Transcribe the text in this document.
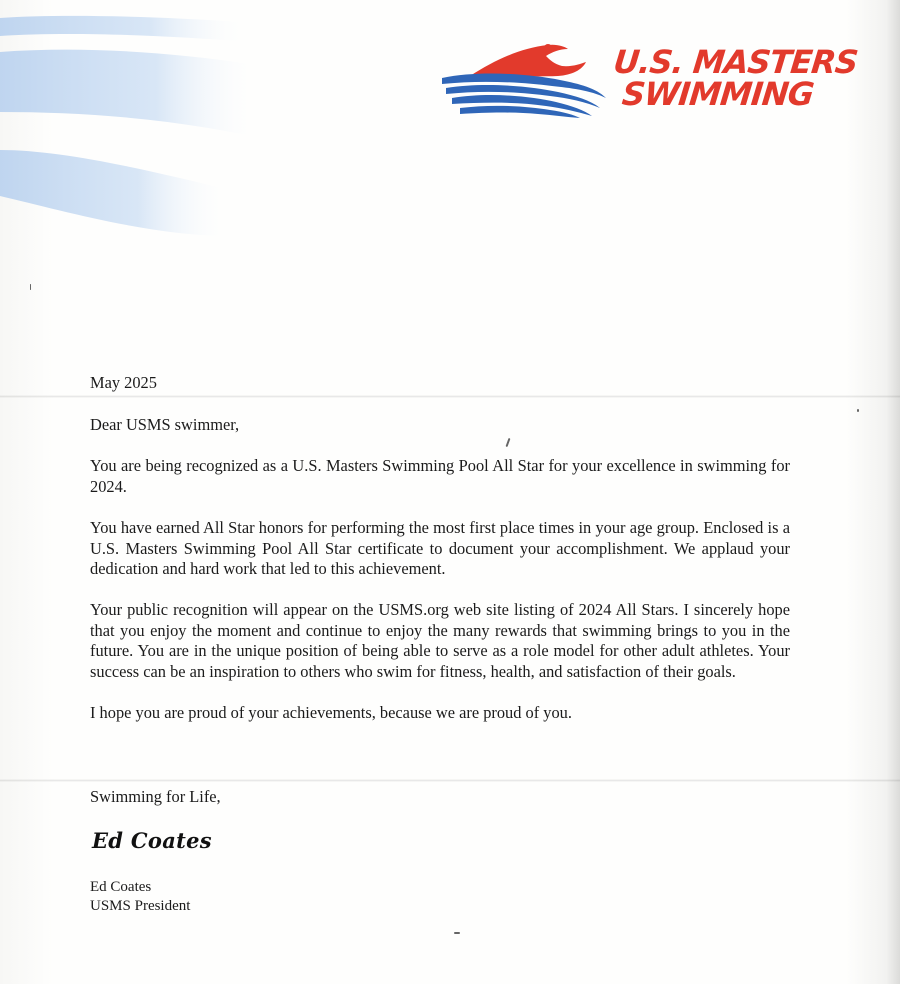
U.S. MASTERS
SWIMMING

May 2025

Dear USMS swimmer,

You are being recognized as a U.S. Masters Swimming Pool All Star for your excellence in swimming for 2024.

You have earned All Star honors for performing the most first place times in your age group. Enclosed is a U.S. Masters Swimming Pool All Star certificate to document your accomplishment. We applaud your dedication and hard work that led to this achievement.

Your public recognition will appear on the USMS.org web site listing of 2024 All Stars. I sincerely hope that you enjoy the moment and continue to enjoy the many rewards that swimming brings to you in the future. You are in the unique position of being able to serve as a role model for other adult athletes. Your success can be an inspiration to others who swim for fitness, health, and satisfaction of their goals.

I hope you are proud of your achievements, because we are proud of you.

Swimming for Life,

Ed Coates
Ed Coates
USMS President
